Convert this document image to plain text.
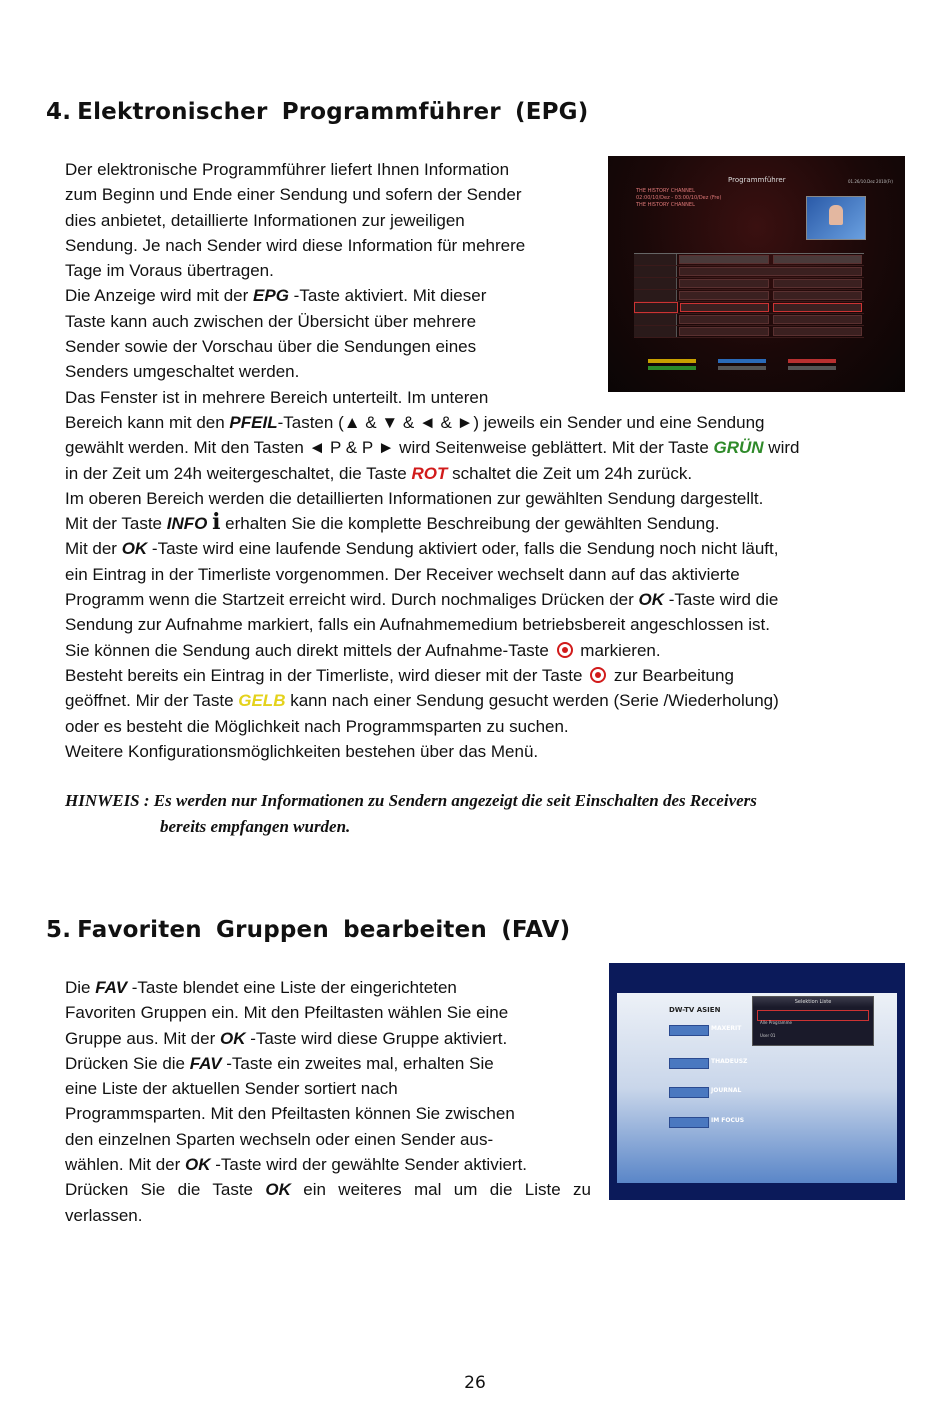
4. Elektronischer Programmführer (EPG)
Der elektronische Programmführer liefert Ihnen Information
zum Beginn und Ende einer Sendung und sofern der Sender
dies anbietet, detaillierte Informationen zur jeweiligen
Sendung. Je nach Sender wird diese Information für mehrere
Tage im Voraus übertragen.
Die Anzeige wird mit der EPG -Taste aktiviert. Mit dieser
Taste kann auch zwischen der Übersicht über mehrere
Sender sowie der Vorschau über die Sendungen eines
Senders umgeschaltet werden.
Das Fenster ist in mehrere Bereich unterteilt. Im unteren
Bereich kann mit den PFEIL-Tasten (▲ & ▼ & ◄ & ►) jeweils ein Sender und eine Sendung
gewählt werden. Mit den Tasten ◄ P & P ► wird Seitenweise geblättert. Mit der Taste GRÜN wird
in der Zeit um 24h weitergeschaltet, die Taste ROT schaltet die Zeit um 24h zurück.
Im oberen Bereich werden die detaillierten Informationen zur gewählten Sendung dargestellt.
Mit der Taste INFO i erhalten Sie die komplette Beschreibung der gewählten Sendung.
Mit der OK -Taste wird eine laufende Sendung aktiviert oder, falls die Sendung noch nicht läuft,
ein Eintrag in der Timerliste vorgenommen. Der Receiver wechselt dann auf das aktivierte
Programm wenn die Startzeit erreicht wird. Durch nochmaliges Drücken der OK -Taste wird die
Sendung zur Aufnahme markiert, falls ein Aufnahmemedium betriebsbereit angeschlossen ist.
Sie können die Sendung auch direkt mittels der Aufnahme-Taste  markieren.
Besteht bereits ein Eintrag in der Timerliste, wird dieser mit der Taste  zur Bearbeitung
geöffnet. Mir der Taste GELB kann nach einer Sendung gesucht werden (Serie /Wiederholung)
oder es besteht die Möglichkeit nach Programmsparten zu suchen.
Weitere Konfigurationsmöglichkeiten bestehen über das Menü.
Programmführer	01.26/10.Dez 2010(Fr)
THE HISTORY CHANNEL
02:00/10/Dez - 03:00/10/Dez (Fre)
THE HISTORY CHANNEL
HINWEIS : Es werden nur Informationen zu Sendern angezeigt die seit Einschalten des Receivers
bereits empfangen wurden.
5. Favoriten Gruppen bearbeiten (FAV)
Die FAV -Taste blendet eine Liste der eingerichteten
Favoriten Gruppen ein. Mit den Pfeiltasten wählen Sie eine
Gruppe aus. Mit der OK -Taste wird diese Gruppe aktiviert.
Drücken Sie die FAV -Taste ein zweites mal, erhalten Sie
eine Liste der aktuellen Sender sortiert nach
Programmsparten. Mit den Pfeiltasten können Sie zwischen
den einzelnen Sparten wechseln oder einen Sender aus-
wählen. Mit der OK -Taste wird der gewählte Sender aktiviert.
Drücken Sie die Taste OK ein weiteres mal um die Liste zu
verlassen.
DW-TV ASIEN
MAXERIT
THADEUSZ
JOURNAL
IM FOCUS
Selektion Liste
Alle Programme
User 01
26
